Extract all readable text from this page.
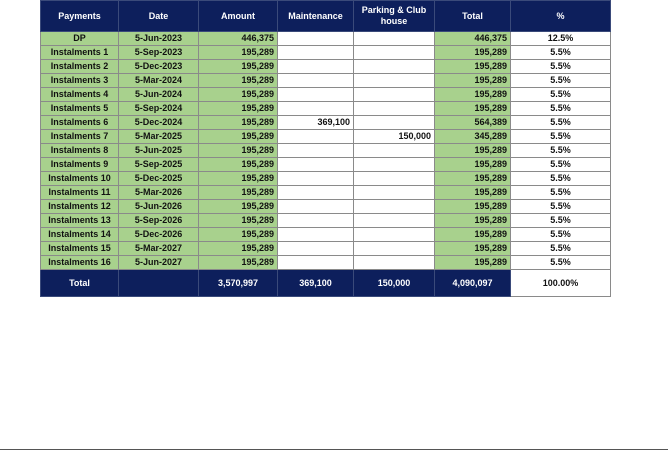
Payments	Date	Amount	Maintenance	Parking & Club house	Total	%
DP	5-Jun-2023	446,375			446,375	12.5%
Instalments 1	5-Sep-2023	195,289			195,289	5.5%
Instalments 2	5-Dec-2023	195,289			195,289	5.5%
Instalments 3	5-Mar-2024	195,289			195,289	5.5%
Instalments 4	5-Jun-2024	195,289			195,289	5.5%
Instalments 5	5-Sep-2024	195,289			195,289	5.5%
Instalments 6	5-Dec-2024	195,289	369,100		564,389	5.5%
Instalments 7	5-Mar-2025	195,289		150,000	345,289	5.5%
Instalments 8	5-Jun-2025	195,289			195,289	5.5%
Instalments 9	5-Sep-2025	195,289			195,289	5.5%
Instalments 10	5-Dec-2025	195,289			195,289	5.5%
Instalments 11	5-Mar-2026	195,289			195,289	5.5%
Instalments 12	5-Jun-2026	195,289			195,289	5.5%
Instalments 13	5-Sep-2026	195,289			195,289	5.5%
Instalments 14	5-Dec-2026	195,289			195,289	5.5%
Instalments 15	5-Mar-2027	195,289			195,289	5.5%
Instalments 16	5-Jun-2027	195,289			195,289	5.5%
Total		3,570,997	369,100	150,000	4,090,097	100.00%
